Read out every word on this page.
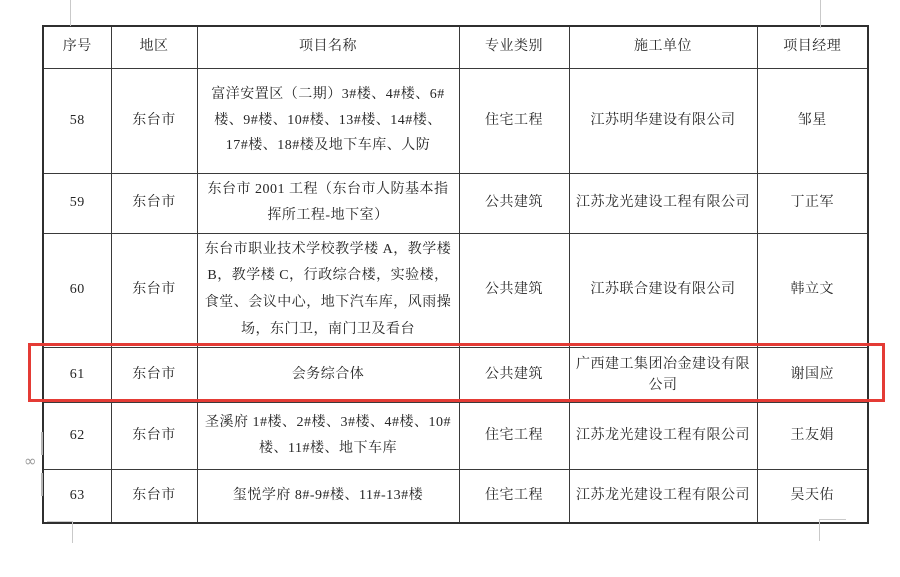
序号	地区	项目名称	专业类别	施工单位	项目经理
58	东台市	富洋安置区（二期）3#楼、4#楼、6#楼、9#楼、10#楼、13#楼、14#楼、17#楼、18#楼及地下车库、人防	住宅工程	江苏明华建设有限公司	邹星
59	东台市	东台市 2001 工程（东台市人防基本指挥所工程-地下室）	公共建筑	江苏龙光建设工程有限公司	丁正军
60	东台市	东台市职业技术学校教学楼 A，教学楼 B，教学楼 C，行政综合楼，实验楼，食堂、会议中心，地下汽车库，风雨操场，东门卫，南门卫及看台	公共建筑	江苏联合建设有限公司	韩立文
61	东台市	会务综合体	公共建筑	广西建工集团冶金建设有限公司	谢国应
62	东台市	圣溪府 1#楼、2#楼、3#楼、4#楼、10#楼、11#楼、地下车库	住宅工程	江苏龙光建设工程有限公司	王友娟
63	东台市	玺悦学府 8#-9#楼、11#-13#楼	住宅工程	江苏龙光建设工程有限公司	吴天佑
∞
